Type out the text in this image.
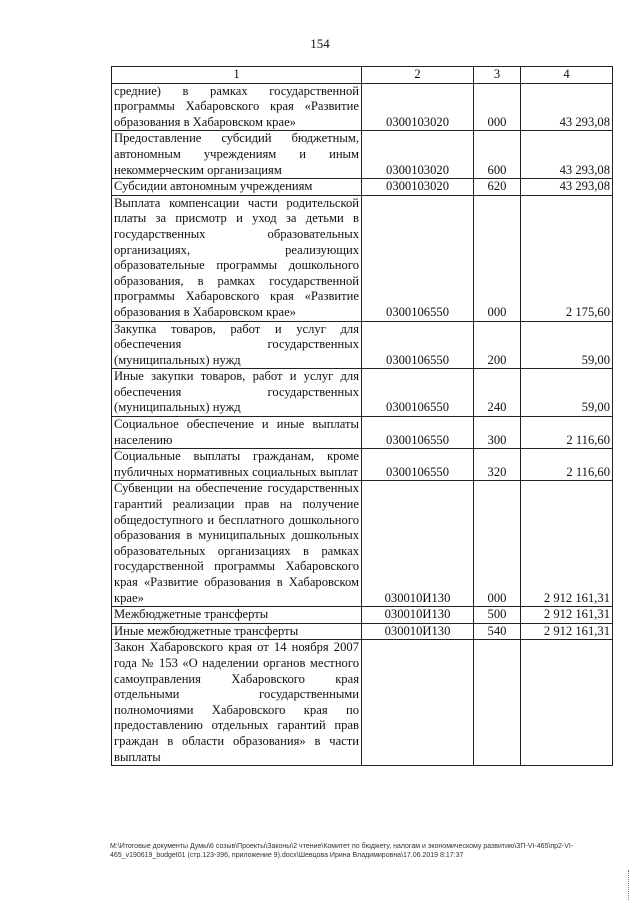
154
1	2	3	4
средние) в рамках государственной программы Хабаровского края «Развитие образования в Хабаровском крае»	0300103020	000	43 293,08
Предоставление субсидий бюджетным, автономным учреждениям и иным некоммерческим организациям	0300103020	600	43 293,08
Субсидии автономным учреждениям	0300103020	620	43 293,08
Выплата компенсации части родительской платы за присмотр и уход за детьми в государственных образовательных организациях, реализующих образовательные программы дошкольного образования, в рамках государственной программы Хабаровского края «Развитие образования в Хабаровском крае»	0300106550	000	2 175,60
Закупка товаров, работ и услуг для обеспечения государственных (муниципальных) нужд	0300106550	200	59,00
Иные закупки товаров, работ и услуг для обеспечения государственных (муниципальных) нужд	0300106550	240	59,00
Социальное обеспечение и иные выплаты населению	0300106550	300	2 116,60
Социальные выплаты гражданам, кроме публичных нормативных социальных выплат	0300106550	320	2 116,60
Субвенции на обеспечение государственных гарантий реализации прав на получение общедоступного и бесплатного дошкольного образования в муниципальных дошкольных образовательных организациях в рамках государственной программы Хабаровского края «Развитие образования в Хабаровском крае»	030010И130	000	2 912 161,31
Межбюджетные трансферты	030010И130	500	2 912 161,31
Иные межбюджетные трансферты	030010И130	540	2 912 161,31
Закон Хабаровского края от 14 ноября 2007 года № 153 «О наделении органов местного самоуправления Хабаровского края отдельными государственными полномочиями Хабаровского края по предоставлению отдельных гарантий прав граждан в области образования» в части выплаты			
M:\Итоговые документы Думы\6 созыв\Проекты\Законы\2 чтение\Комитет по бюджету, налогам и экономическому развитию\ЗП-VI-465\пр2-VI-
465_v190619_budget01 (стр.123-396, приложение 9).docx\Шевцова Ирина Владимировна\17.06.2019 8:17:37
